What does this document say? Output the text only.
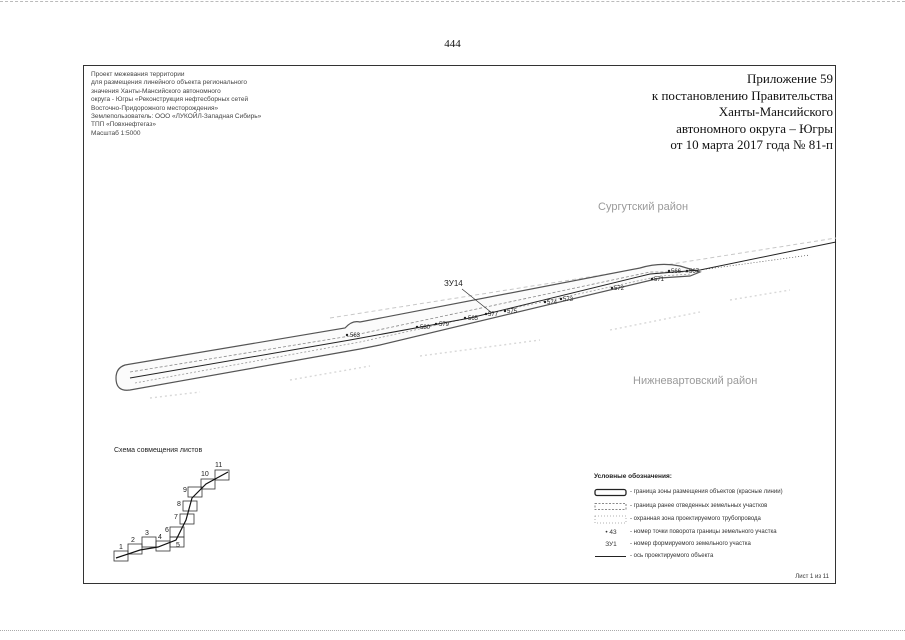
444
Проект межевания территории
для размещения линейного объекта регионального
значения Ханты-Мансийского автономного
округа - Югры «Реконструкция нефтесборных сетей
Восточно-Придорожного месторождения»
Землепользователь: ООО «ЛУКОЙЛ-Западная Сибирь»
ТПП «Повхнефтегаз»
Масштаб 1:5000
Приложение 59
к постановлению Правительства
Ханты-Мансийского
автономного округа – Югры
от 10 марта 2017 года № 81-п
Сургутский район
Нижневартовский район
ЗУ14
563
580 579
565
577 575
574 573
572
571
566 567
1
2
3
4
5
6
7
8
9
10
11
Схема совмещения листов
Условные обозначения:
- граница зоны размещения объектов (красные линии)
- граница ранее отведенных земельных участков
- охранная зона проектируемого трубопровода
• 43	- номер точки поворота границы земельного участка
ЗУ1	- номер формируемого земельного участка
- ось проектируемого объекта
Лист 1 из 11
